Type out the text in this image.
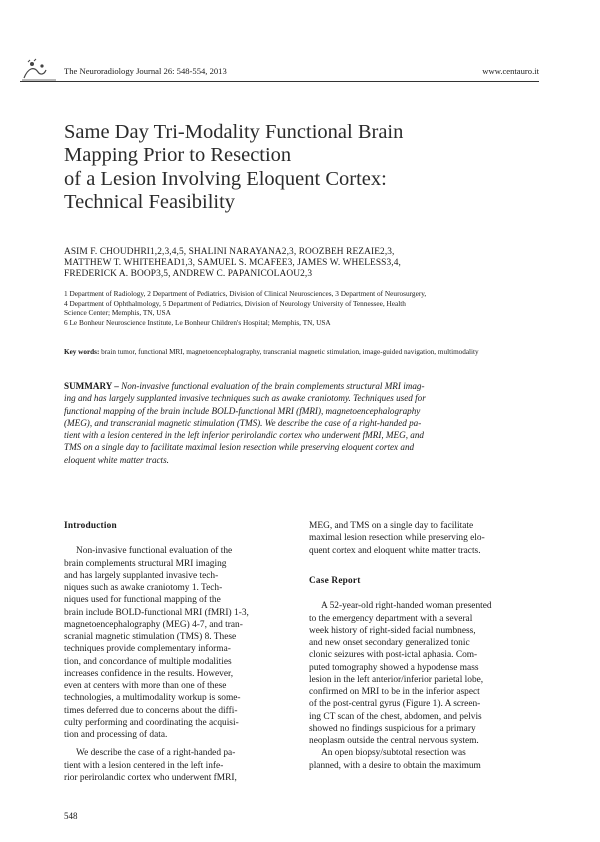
The Neuroradiology Journal 26: 548-554, 2013	www.centauro.it
Same Day Tri-Modality Functional Brain
Mapping Prior to Resection
of a Lesion Involving Eloquent Cortex:
Technical Feasibility
ASIM F. CHOUDHRI1,2,3,4,5, SHALINI NARAYANA2,3, ROOZBEH REZAIE2,3,
MATTHEW T. WHITEHEAD1,3, SAMUEL S. MCAFEE3, JAMES W. WHELESS3,4,
FREDERICK A. BOOP3,5, ANDREW C. PAPANICOLAOU2,3
1 Department of Radiology, 2 Department of Pediatrics, Division of Clinical Neurosciences, 3 Department of Neurosurgery,
4 Department of Ophthalmology, 5 Department of Pediatrics, Division of Neurology University of Tennessee, Health
Science Center; Memphis, TN, USA
6 Le Bonheur Neuroscience Institute, Le Bonheur Children's Hospital; Memphis, TN, USA
Key words: brain tumor, functional MRI, magnetoencephalography, transcranial magnetic stimulation, image-guided navigation, multimodality
SUMMARY – Non-invasive functional evaluation of the brain complements structural MRI imag-
ing and has largely supplanted invasive techniques such as awake craniotomy. Techniques used for
functional mapping of the brain include BOLD-functional MRI (fMRI), magnetoencephalography
(MEG), and transcranial magnetic stimulation (TMS). We describe the case of a right-handed pa-
tient with a lesion centered in the left inferior perirolandic cortex who underwent fMRI, MEG, and
TMS on a single day to facilitate maximal lesion resection while preserving eloquent cortex and
eloquent white matter tracts.
Introduction
Non-invasive functional evaluation of the
brain complements structural MRI imaging
and has largely supplanted invasive tech-
niques such as awake craniotomy 1. Tech-
niques used for functional mapping of the
brain include BOLD-functional MRI (fMRI) 1-3,
magnetoencephalography (MEG) 4-7, and tran-
scranial magnetic stimulation (TMS) 8. These
techniques provide complementary informa-
tion, and concordance of multiple modalities
increases confidence in the results. However,
even at centers with more than one of these
technologies, a multimodality workup is some-
times deferred due to concerns about the diffi-
culty performing and coordinating the acquisi-
tion and processing of data.
We describe the case of a right-handed pa-
tient with a lesion centered in the left infe-
rior perirolandic cortex who underwent fMRI,
MEG, and TMS on a single day to facilitate
maximal lesion resection while preserving elo-
quent cortex and eloquent white matter tracts.
Case Report
A 52-year-old right-handed woman presented
to the emergency department with a several
week history of right-sided facial numbness,
and new onset secondary generalized tonic
clonic seizures with post-ictal aphasia. Com-
puted tomography showed a hypodense mass
lesion in the left anterior/inferior parietal lobe,
confirmed on MRI to be in the inferior aspect
of the post-central gyrus (Figure 1). A screen-
ing CT scan of the chest, abdomen, and pelvis
showed no findings suspicious for a primary
neoplasm outside the central nervous system.
An open biopsy/subtotal resection was
planned, with a desire to obtain the maximum
548
